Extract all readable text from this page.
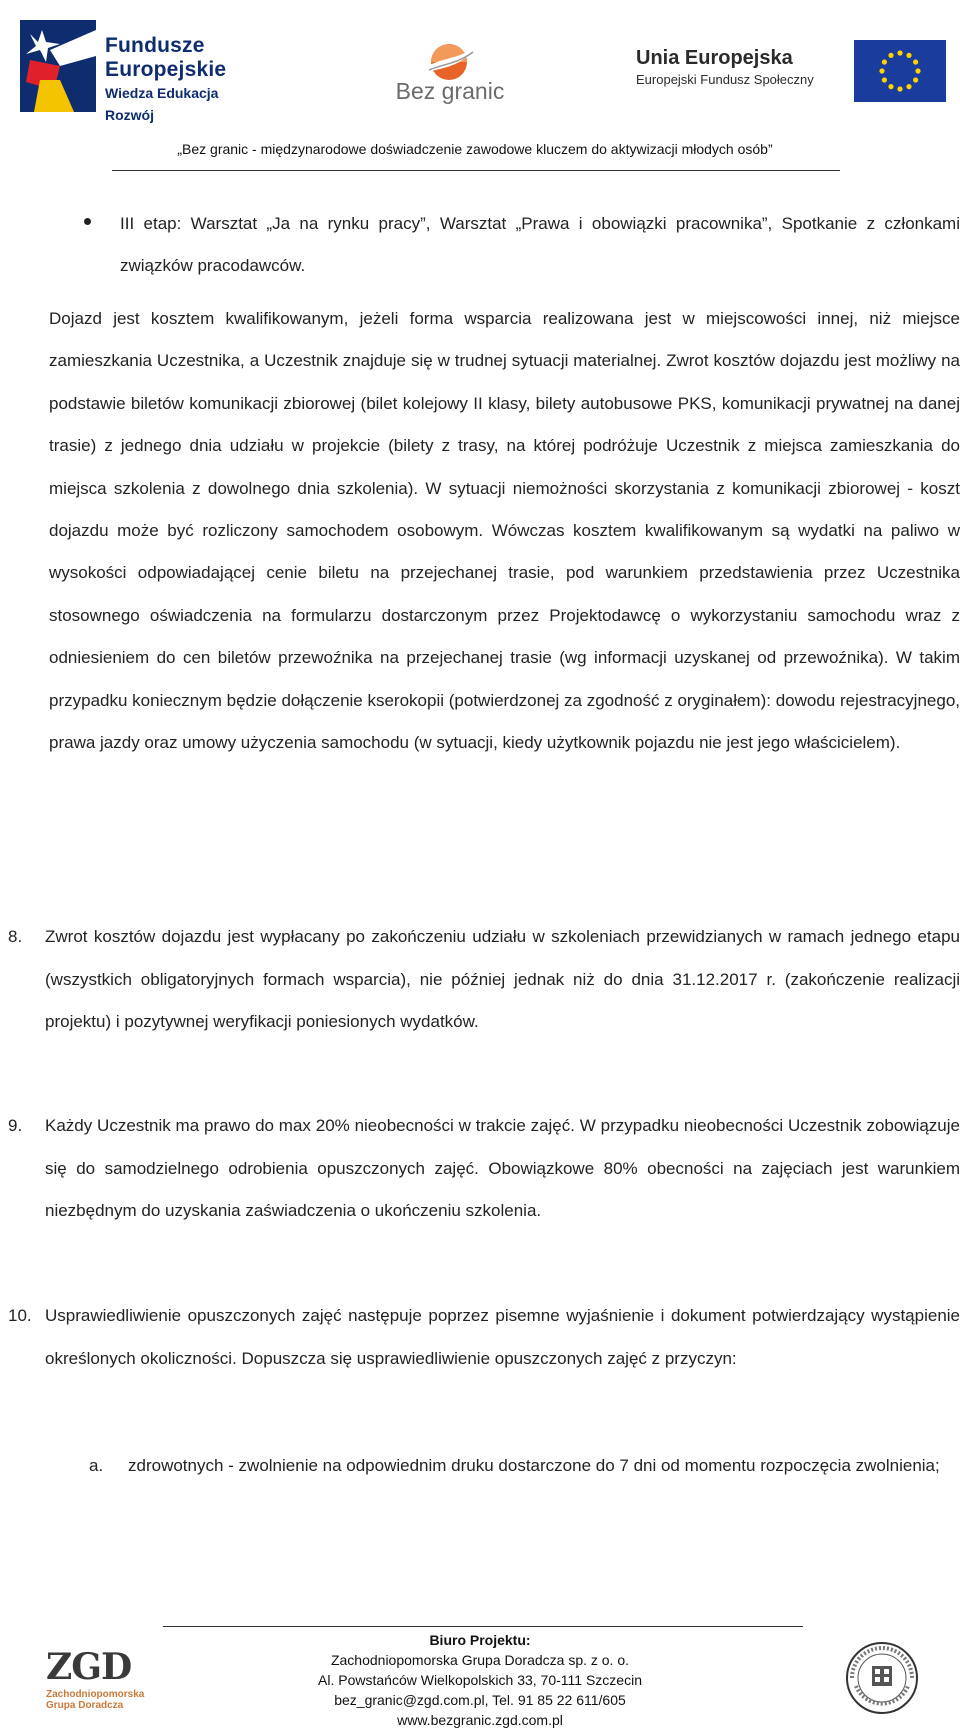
Fundusze
Europejskie
Wiedza Edukacja Rozwój
Bez granic
Unia Europejska
Europejski Fundusz Społeczny
„Bez granic - międzynarodowe doświadczenie zawodowe kluczem do aktywizacji młodych osób”
III etap: Warsztat „Ja na rynku pracy”, Warsztat „Prawa i obowiązki pracownika”, Spotkanie z członkami związków pracodawców.
Dojazd jest kosztem kwalifikowanym, jeżeli forma wsparcia realizowana jest w miejscowości innej, niż miejsce zamieszkania Uczestnika, a Uczestnik znajduje się w trudnej sytuacji materialnej. Zwrot kosztów dojazdu jest możliwy na podstawie biletów komunikacji zbiorowej (bilet kolejowy II klasy, bilety autobusowe PKS, komunikacji prywatnej na danej trasie) z jednego dnia udziału w projekcie (bilety z trasy, na której podróżuje Uczestnik z miejsca zamieszkania do miejsca szkolenia z dowolnego dnia szkolenia). W sytuacji niemożności skorzystania z komunikacji zbiorowej - koszt dojazdu może być rozliczony samochodem osobowym. Wówczas kosztem kwalifikowanym są wydatki na paliwo w wysokości odpowiadającej cenie biletu na przejechanej trasie, pod warunkiem przedstawienia przez Uczestnika stosownego oświadczenia na formularzu dostarczonym przez Projektodawcę o wykorzystaniu samochodu wraz z odniesieniem do cen biletów przewoźnika na przejechanej trasie (wg informacji uzyskanej od przewoźnika). W takim przypadku koniecznym będzie dołączenie kserokopii (potwierdzonej za zgodność z oryginałem): dowodu rejestracyjnego, prawa jazdy oraz umowy użyczenia samochodu (w sytuacji, kiedy użytkownik pojazdu nie jest jego właścicielem).
8.	Zwrot kosztów dojazdu jest wypłacany po zakończeniu udziału w szkoleniach przewidzianych w ramach jednego etapu (wszystkich obligatoryjnych formach wsparcia), nie później jednak niż do dnia 31.12.2017 r. (zakończenie realizacji projektu) i pozytywnej weryfikacji poniesionych wydatków.
9.	Każdy Uczestnik ma prawo do max 20% nieobecności w trakcie zajęć. W przypadku nieobecności Uczestnik zobowiązuje się do samodzielnego odrobienia opuszczonych zajęć. Obowiązkowe 80% obecności na zajęciach jest warunkiem niezbędnym do uzyskania zaświadczenia o ukończeniu szkolenia.
10. Usprawiedliwienie opuszczonych zajęć następuje poprzez pisemne wyjaśnienie i dokument potwierdzający wystąpienie określonych okoliczności. Dopuszcza się usprawiedliwienie opuszczonych zajęć z przyczyn:
a. zdrowotnych - zwolnienie na odpowiednim druku dostarczone do 7 dni od momentu rozpoczęcia zwolnienia;
ZGD
Zachodniopomorska
Grupa Doradcza
Biuro Projektu:
Zachodniopomorska Grupa Doradcza sp. z o. o.
Al. Powstańców Wielkopolskich 33, 70-111 Szczecin
bez_granic@zgd.com.pl, Tel. 91 85 22 611/605
www.bezgranic.zgd.com.pl
